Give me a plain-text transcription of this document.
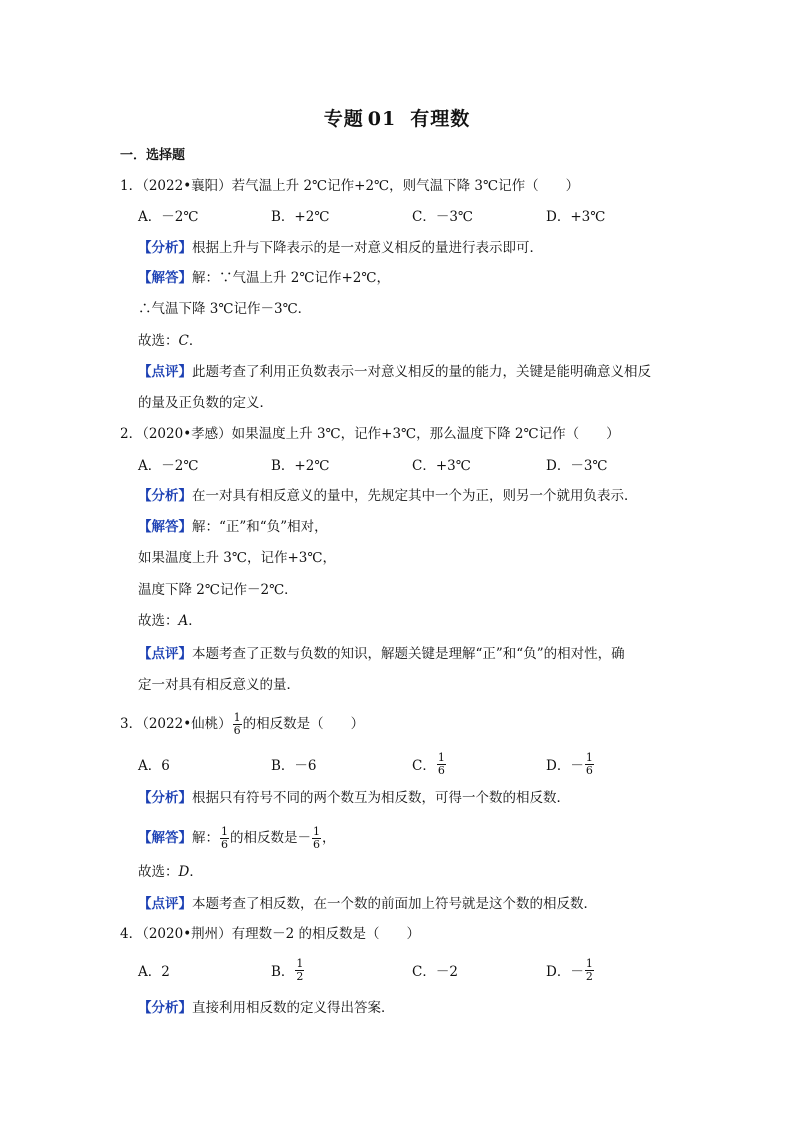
专题 01 有理数
一．选择题
1．（2022•襄阳）若气温上升 2℃记作+2℃，则气温下降 3℃记作（　　）
A．－2℃	B．+2℃	C．－3℃	D．+3℃
【分析】根据上升与下降表示的是一对意义相反的量进行表示即可．
【解答】解：∵气温上升 2℃记作+2℃，
∴气温下降 3℃记作－3℃．
故选：C．
【点评】此题考查了利用正负数表示一对意义相反的量的能力，关键是能明确意义相反
的量及正负数的定义．
2．（2020•孝感）如果温度上升 3℃，记作+3℃，那么温度下降 2℃记作（　　）
A．－2℃	B．+2℃	C．+3℃	D．－3℃
【分析】在一对具有相反意义的量中，先规定其中一个为正，则另一个就用负表示．
【解答】解：“正”和“负”相对，
如果温度上升 3℃，记作+3℃，
温度下降 2℃记作－2℃．
故选：A．
【点评】本题考查了正数与负数的知识，解题关键是理解“正”和“负”的相对性，确
定一对具有相反意义的量．
3．（2022•仙桃） $\frac{1}{6}$ 的相反数是（　　）
A．6	B．－6	C． $\frac{1}{6}$	D．－ $\frac{1}{6}$
【分析】根据只有符号不同的两个数互为相反数，可得一个数的相反数．
【解答】 解： $\frac{1}{6}$ 的相反数是－ $\frac{1}{6}$ ，
故选：D．
【点评】本题考查了相反数，在一个数的前面加上符号就是这个数的相反数．
4．（2020•荆州）有理数－2 的相反数是（　　）
A．2	B． $\frac{1}{2}$	C．－2	D．－ $\frac{1}{2}$
【分析】直接利用相反数的定义得出答案．
